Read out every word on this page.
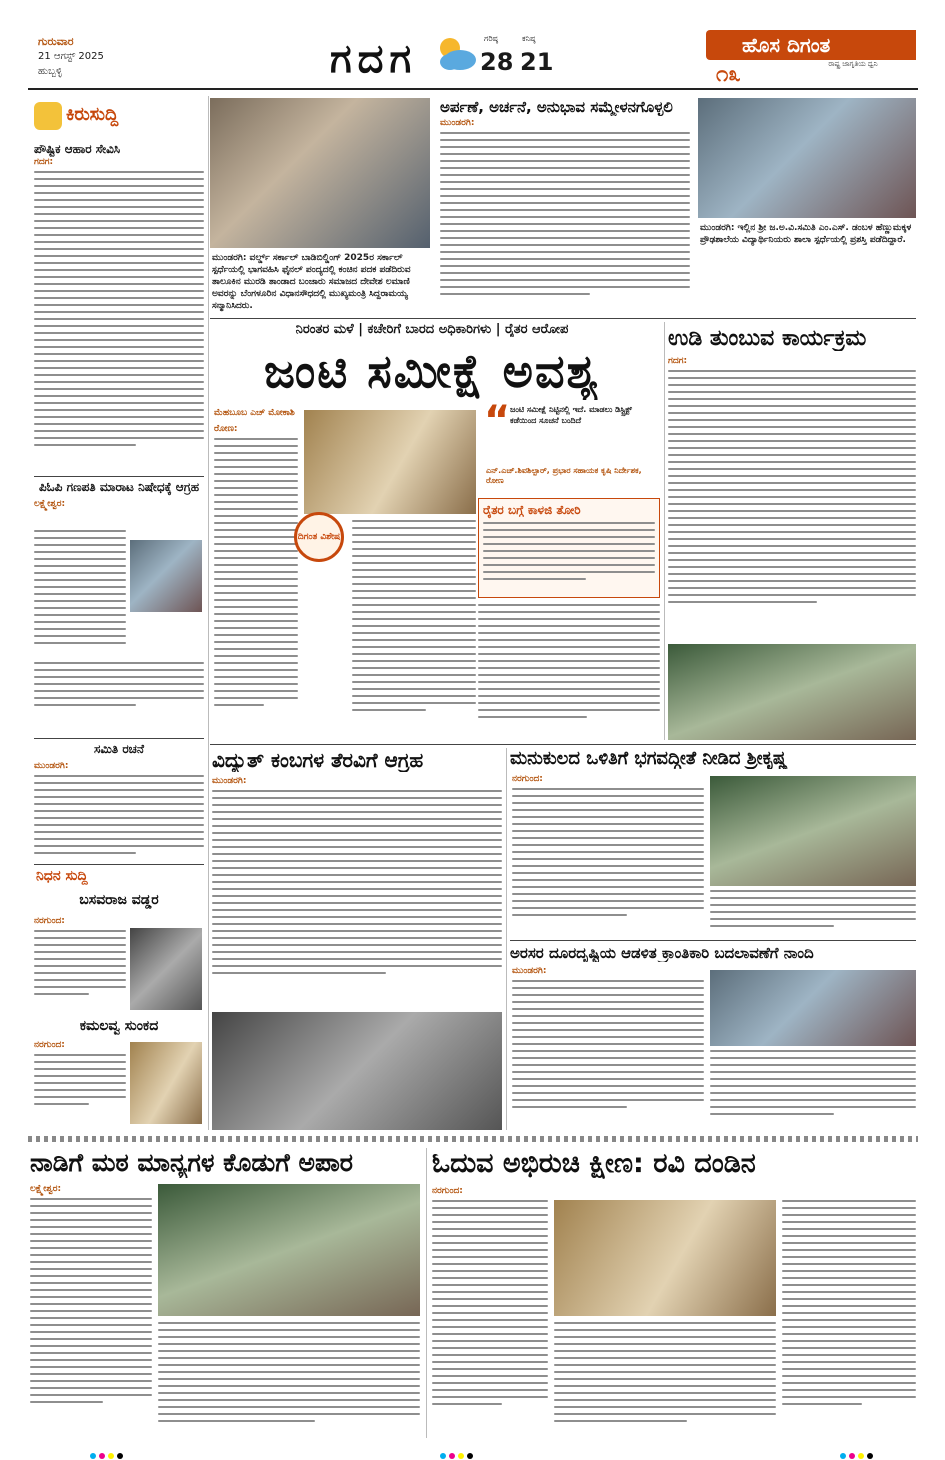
ಗುರುವಾರ
21 ಆಗಸ್ಟ್ 2025
ಹುಬ್ಬಳ್ಳಿ	ಗದಗ	ಗರಿಷ್ಠ
28
ಕನಿಷ್ಠ
21
ಹೊಸ ದಿಗಂತ
ರಾಷ್ಟ್ರ ಜಾಗೃತಿಯ ಧ್ವನಿ
೧೩
ಕಿರುಸುದ್ದಿ
ಪೌಷ್ಟಿಕ ಆಹಾರ ಸೇವಿಸಿ
ಗದಗ:
ಪಿಓಪಿ ಗಣಪತಿ ಮಾರಾಟ ನಿಷೇಧಕ್ಕೆ ಆಗ್ರಹ
ಲಕ್ಷ್ಮೇಶ್ವರ:
ಸಮಿತಿ ರಚನೆ
ಮುಂಡರಗಿ:
ನಿಧನ ಸುದ್ದಿ
ಬಸವರಾಜ ವಡ್ಡರ
ನರಗುಂದ:
ಕಮಲವ್ವ ಸುಂಕದ
ನರಗುಂದ:
ಮುಂಡರಗಿ: ವರ್ಲ್ಡ್ ಸರ್ಕಾಲ್ ಬಾಡಿಬಿಲ್ಡಿಂಗ್ 2025ರ ಸರ್ಕಾಲ್ ಸ್ಪರ್ಧೆಯಲ್ಲಿ ಭಾಗವಹಿಸಿ ಫೈನಲ್ ಪಂದ್ಯದಲ್ಲಿ ಕಂಚಿನ ಪದಕ ಪಡೆದಿರುವ ತಾಲೂಕಿನ ಮುರಡಿ ತಾಂಡಾದ ಬಂಜಾರು ಸಮಾಜದ ದೇವೇಶ ಲಮಾಣಿ ಅವರನ್ನು ಬೆಂಗಳೂರಿನ ವಿಧಾನಸೌಧದಲ್ಲಿ ಮುಖ್ಯಮಂತ್ರಿ ಸಿದ್ದರಾಮಯ್ಯ ಸನ್ಮಾನಿಸಿದರು.
ಅರ್ಪಣೆ, ಅರ್ಚನೆ, ಅನುಭಾವ ಸಮ್ಮೇಳನಗೊಳ್ಳಲಿ
ಮುಂಡರಗಿ:
ಮುಂಡರಗಿ: ಇಲ್ಲಿನ ಶ್ರೀ ಜ.ಅ.ವಿ.ಸಮಿತಿ ಎಂ.ಎಸ್. ಡಂಬಳ ಹೆಣ್ಣುಮಕ್ಕಳ ಪ್ರೌಢಶಾಲೆಯ ವಿದ್ಯಾರ್ಥಿನಿಯರು ಶಾಲಾ ಸ್ಪರ್ಧೆಯಲ್ಲಿ ಪ್ರಶಸ್ತಿ ಪಡೆದಿದ್ದಾರೆ.
ನಿರಂತರ ಮಳೆ | ಕಚೇರಿಗೆ ಬಾರದ ಅಧಿಕಾರಿಗಳು | ರೈತರ ಆರೋಪ
ಜಂಟಿ ಸಮೀಕ್ಷೆ ಅವಶ್ಯ
ಮೆಹಬೂಬ ಎಚ್ ಮೋಕಾಶಿ
ರೋಣ:
ದಿಗಂತ ವಿಶೇಷ
“ ಜಂಟಿ ಸಮೀಕ್ಷೆ ನಿಟ್ಟಿನಲ್ಲಿ ಇದೆ. ಮಾಡಲು ಡಿಸ್ಟ್ರಿಕ್ಟ್ ಕಡೆಯಿಂದ ಸೂಚನೆ ಬಂದಿದೆ
ಎನ್.ಎಚ್.ಶಿವಶಿಲ್ಪಾರ್, ಪ್ರಭಾರ ಸಹಾಯಕ ಕೃಷಿ ನಿರ್ದೇಶಕ, ರೋಣ
ರೈತರ ಬಗ್ಗೆ ಕಾಳಜಿ ತೋರಿ
ಉಡಿ ತುಂಬುವ ಕಾರ್ಯಕ್ರಮ
ಗದಗ:
ವಿದ್ಯುತ್ ಕಂಬಗಳ ತೆರವಿಗೆ ಆಗ್ರಹ
ಮುಂಡರಗಿ:
ಮನುಕುಲದ ಒಳಿತಿಗೆ ಭಗವದ್ಗೀತೆ ನೀಡಿದ ಶ್ರೀಕೃಷ್ಣ
ನರಗುಂದ:
ಅರಸರ ದೂರದೃಷ್ಟಿಯ ಆಡಳಿತ ಕ್ರಾಂತಿಕಾರಿ ಬದಲಾವಣೆಗೆ ನಾಂದಿ
ಮುಂಡರಗಿ:
ನಾಡಿಗೆ ಮಠ ಮಾನ್ಯಗಳ ಕೊಡುಗೆ ಅಪಾರ
ಲಕ್ಷ್ಮೇಶ್ವರ:
ಓದುವ ಅಭಿರುಚಿ ಕ್ಷೀಣ: ರವಿ ದಂಡಿನ
ನರಗುಂದ:
